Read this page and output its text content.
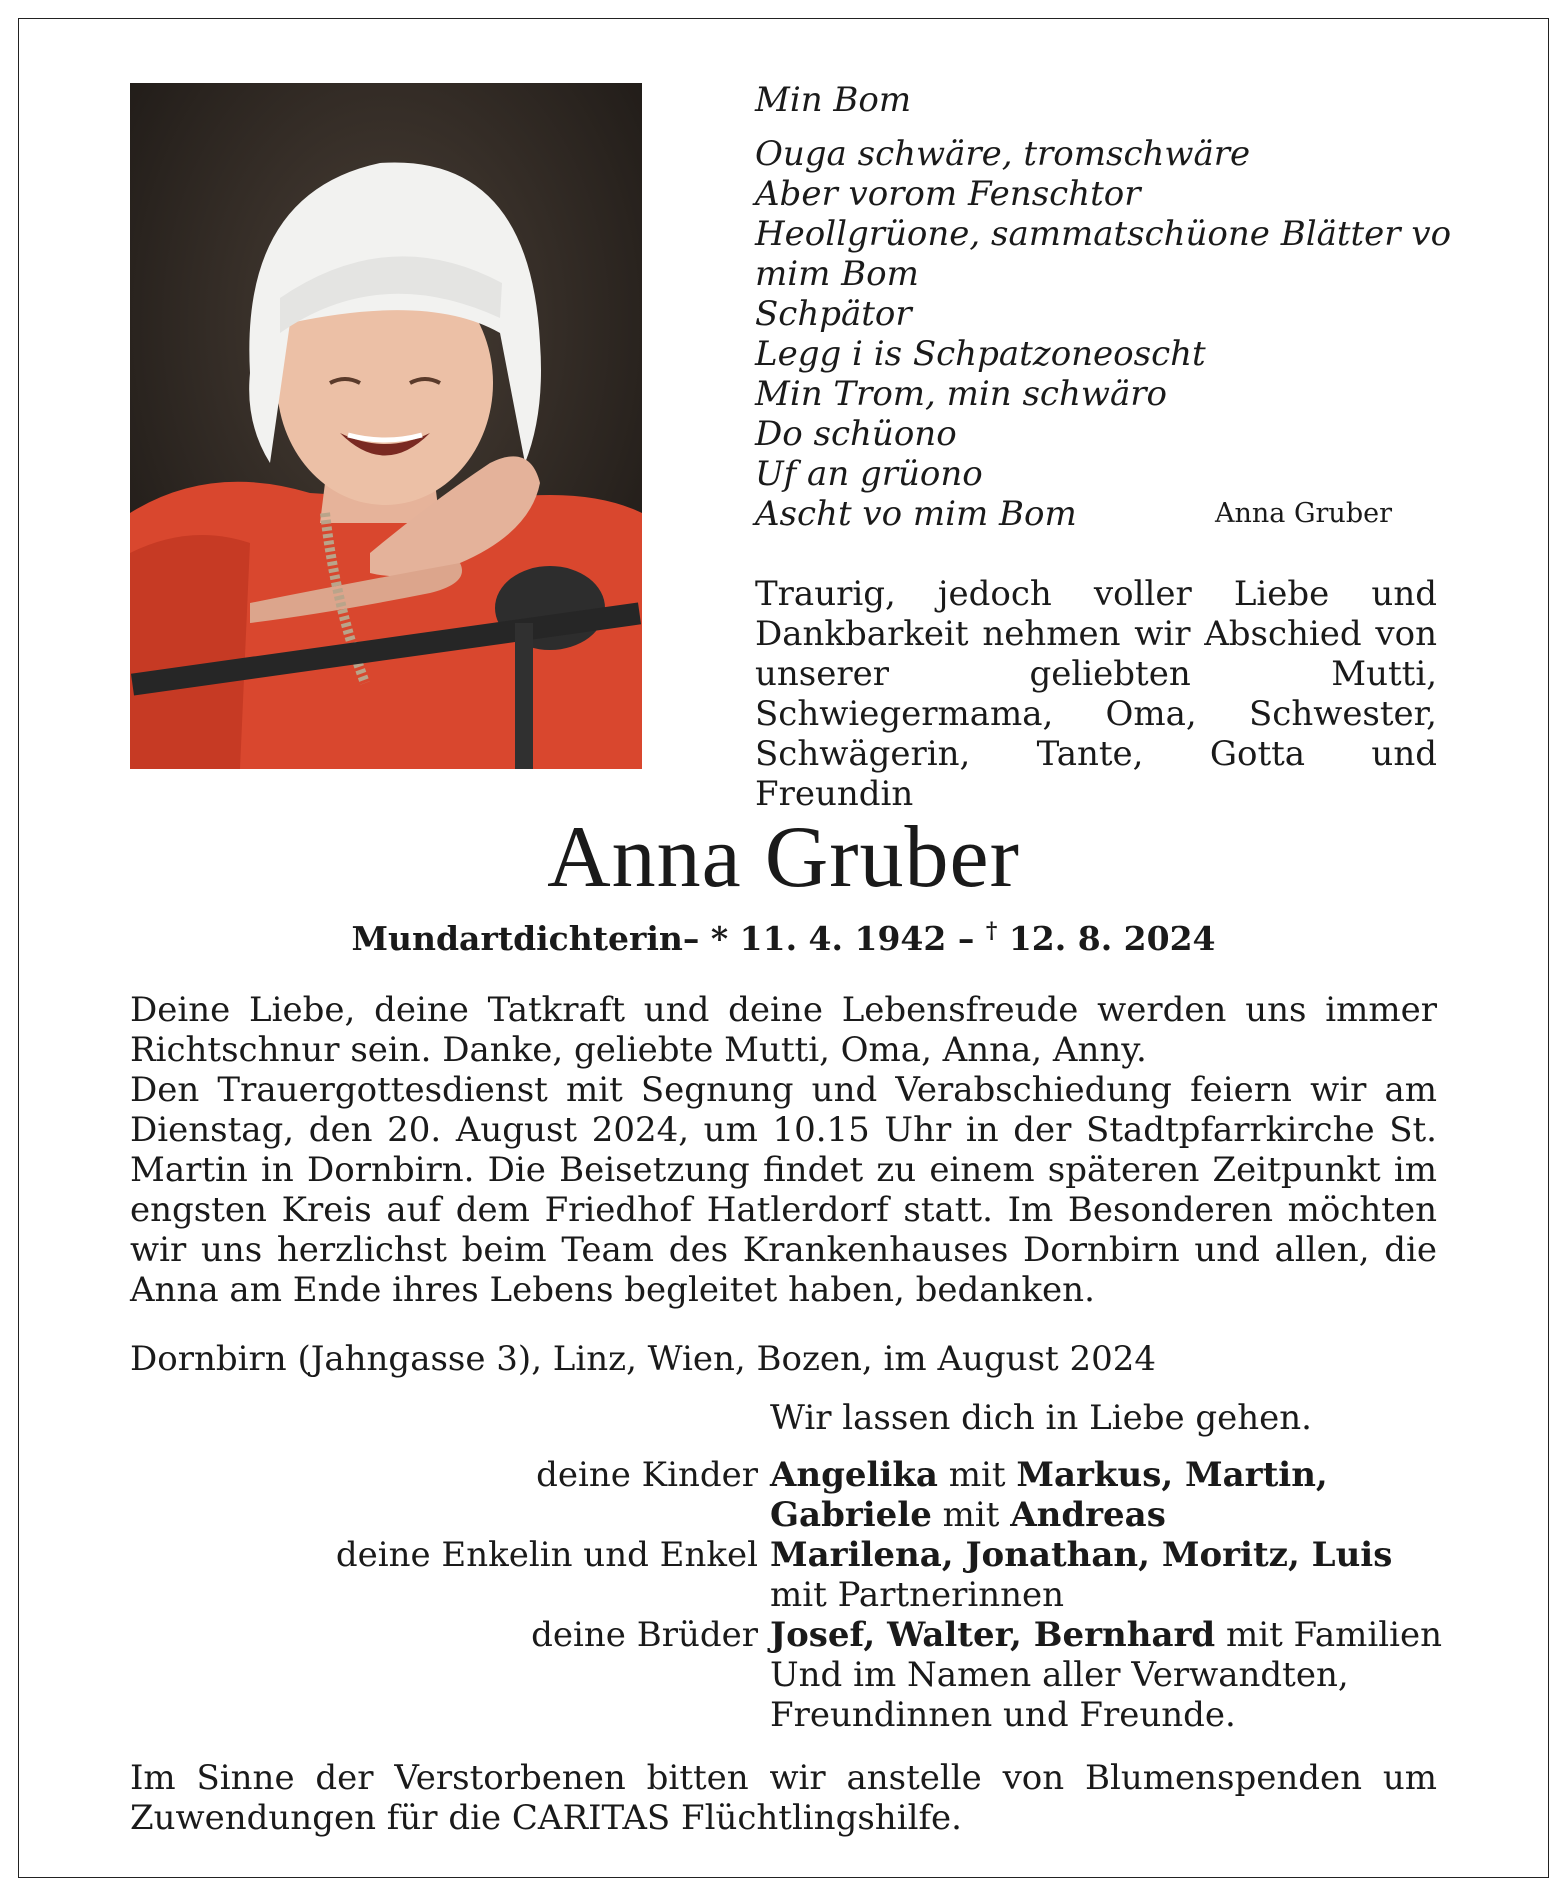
Min Bom
Ouga schwäre, tromschwäre
Aber vorom Fenschtor
Heollgrüone, sammatschüone Blätter vo
mim Bom
Schpätor
Legg i is Schpatzoneoscht
Min Trom, min schwäro
Do schüono
Uf an grüono
Ascht vo mim Bom	Anna Gruber
Traurig, jedoch voller Liebe und Dankbarkeit nehmen wir Abschied von unserer geliebten Mutti, Schwiegermama, Oma, Schwester, Schwägerin, Tante, Gotta und Freundin
Anna Gruber
Mundartdichterin– * 11. 4. 1942 – † 12. 8. 2024

Deine Liebe, deine Tatkraft und deine Lebensfreude werden uns immer Richtschnur sein. Danke, geliebte Mutti, Oma, Anna, Anny.

Den Trauergottesdienst mit Segnung und Verabschiedung feiern wir am Dienstag, den 20. August 2024, um 10.15 Uhr in der Stadtpfarrkirche St. Martin in Dornbirn. Die Beisetzung findet zu einem späteren Zeitpunkt im engsten Kreis auf dem Friedhof Hatlerdorf statt. Im Besonderen möchten wir uns herzlichst beim Team des Krankenhauses Dornbirn und allen, die Anna am Ende ihres Lebens begleitet haben, bedanken.

Dornbirn (Jahngasse 3), Linz, Wien, Bozen, im August 2024
Wir lassen dich in Liebe gehen.
deine Kinder Angelika mit Markus, Martin,
Gabriele mit Andreas
deine Enkelin und Enkel Marilena, Jonathan, Moritz, Luis
mit Partnerinnen
deine Brüder Josef, Walter, Bernhard mit Familien
Und im Namen aller Verwandten,
Freundinnen und Freunde.
Im Sinne der Verstorbenen bitten wir anstelle von Blumenspenden um Zuwendungen für die CARITAS Flüchtlingshilfe.
